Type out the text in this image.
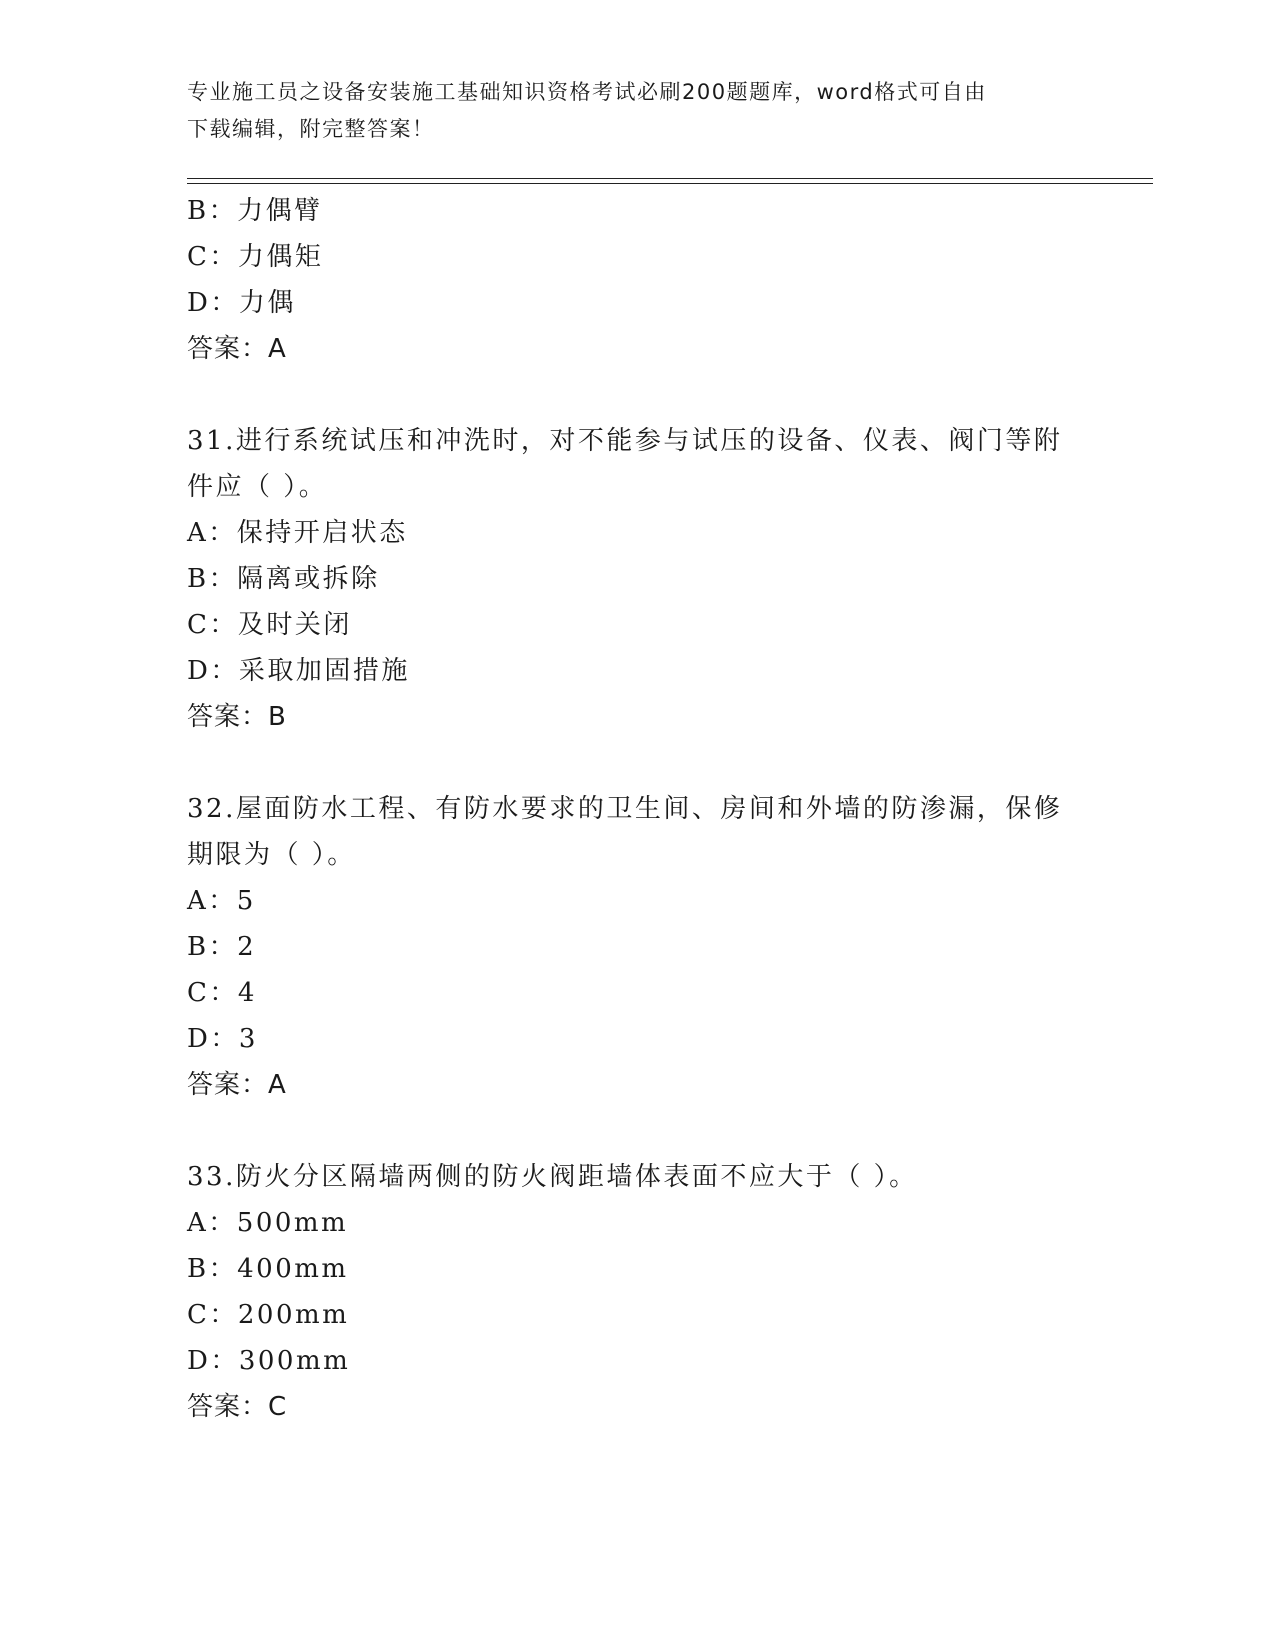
专业施工员之设备安装施工基础知识资格考试必刷200题题库，word格式可自由
下载编辑，附完整答案！
B：力偶臂
C：力偶矩
D：力偶
答案：A
31.进行系统试压和冲洗时，对不能参与试压的设备、仪表、阀门等附
件应（ ）。
A：保持开启状态
B：隔离或拆除
C：及时关闭
D：采取加固措施
答案：B
32.屋面防水工程、有防水要求的卫生间、房间和外墙的防渗漏，保修
期限为（ ）。
A：5
B：2
C：4
D：3
答案：A
33.防火分区隔墙两侧的防火阀距墙体表面不应大于（ ）。
A：500mm
B：400mm
C：200mm
D：300mm
答案：C
